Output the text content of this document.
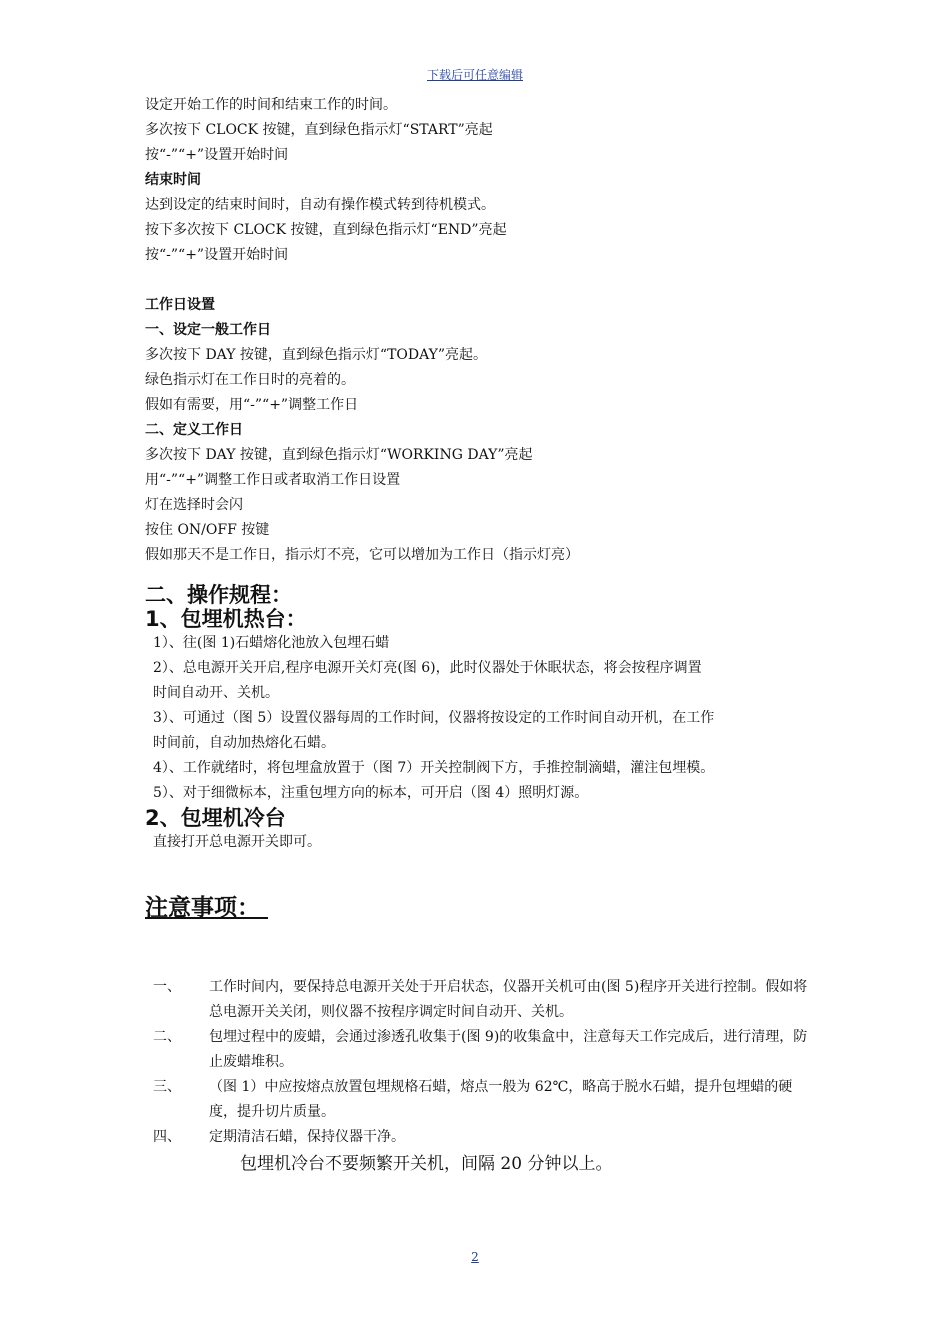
下载后可任意编辑
设定开始工作的时间和结束工作的时间。
多次按下 CLOCK 按键，直到绿色指示灯“START”亮起
按“-”“+”设置开始时间
结束时间
达到设定的结束时间时，自动有操作模式转到待机模式。
按下多次按下 CLOCK 按键，直到绿色指示灯“END”亮起
按“-”“+”设置开始时间
工作日设置
一、设定一般工作日
多次按下 DAY 按键，直到绿色指示灯“TODAY”亮起。
绿色指示灯在工作日时的亮着的。
假如有需要，用“-”“+”调整工作日
二、定义工作日
多次按下 DAY 按键，直到绿色指示灯“WORKING DAY”亮起
用“-”“+”调整工作日或者取消工作日设置
灯在选择时会闪
按住 ON/OFF 按键
假如那天不是工作日，指示灯不亮，它可以增加为工作日（指示灯亮）
二、操作规程：
1、包埋机热台：
1）、往(图 1)石蜡熔化池放入包埋石蜡
2）、总电源开关开启,程序电源开关灯亮(图 6)，此时仪器处于休眠状态，将会按程序调置
时间自动开、关机。
3）、可通过（图 5）设置仪器每周的工作时间，仪器将按设定的工作时间自动开机，在工作
时间前，自动加热熔化石蜡。
4）、工作就绪时，将包埋盒放置于（图 7）开关控制阀下方，手推控制滴蜡，灌注包埋模。
5）、对于细微标本，注重包埋方向的标本，可开启（图 4）照明灯源。
2、包埋机冷台
直接打开总电源开关即可。
注意事项：
一、	工作时间内，要保持总电源开关处于开启状态，仪器开关机可由(图 5)程序开关进行控制。假如将总电源开关关闭，则仪器不按程序调定时间自动开、关机。
二、	包埋过程中的废蜡，会通过渗透孔收集于(图 9)的收集盒中，注意每天工作完成后，进行清理，防止废蜡堆积。
三、	（图 1）中应按熔点放置包埋规格石蜡，熔点一般为 62℃，略高于脱水石蜡，提升包埋蜡的硬度，提升切片质量。
四、	定期清洁石蜡，保持仪器干净。
包埋机冷台不要频繁开关机，间隔 20 分钟以上。
2
